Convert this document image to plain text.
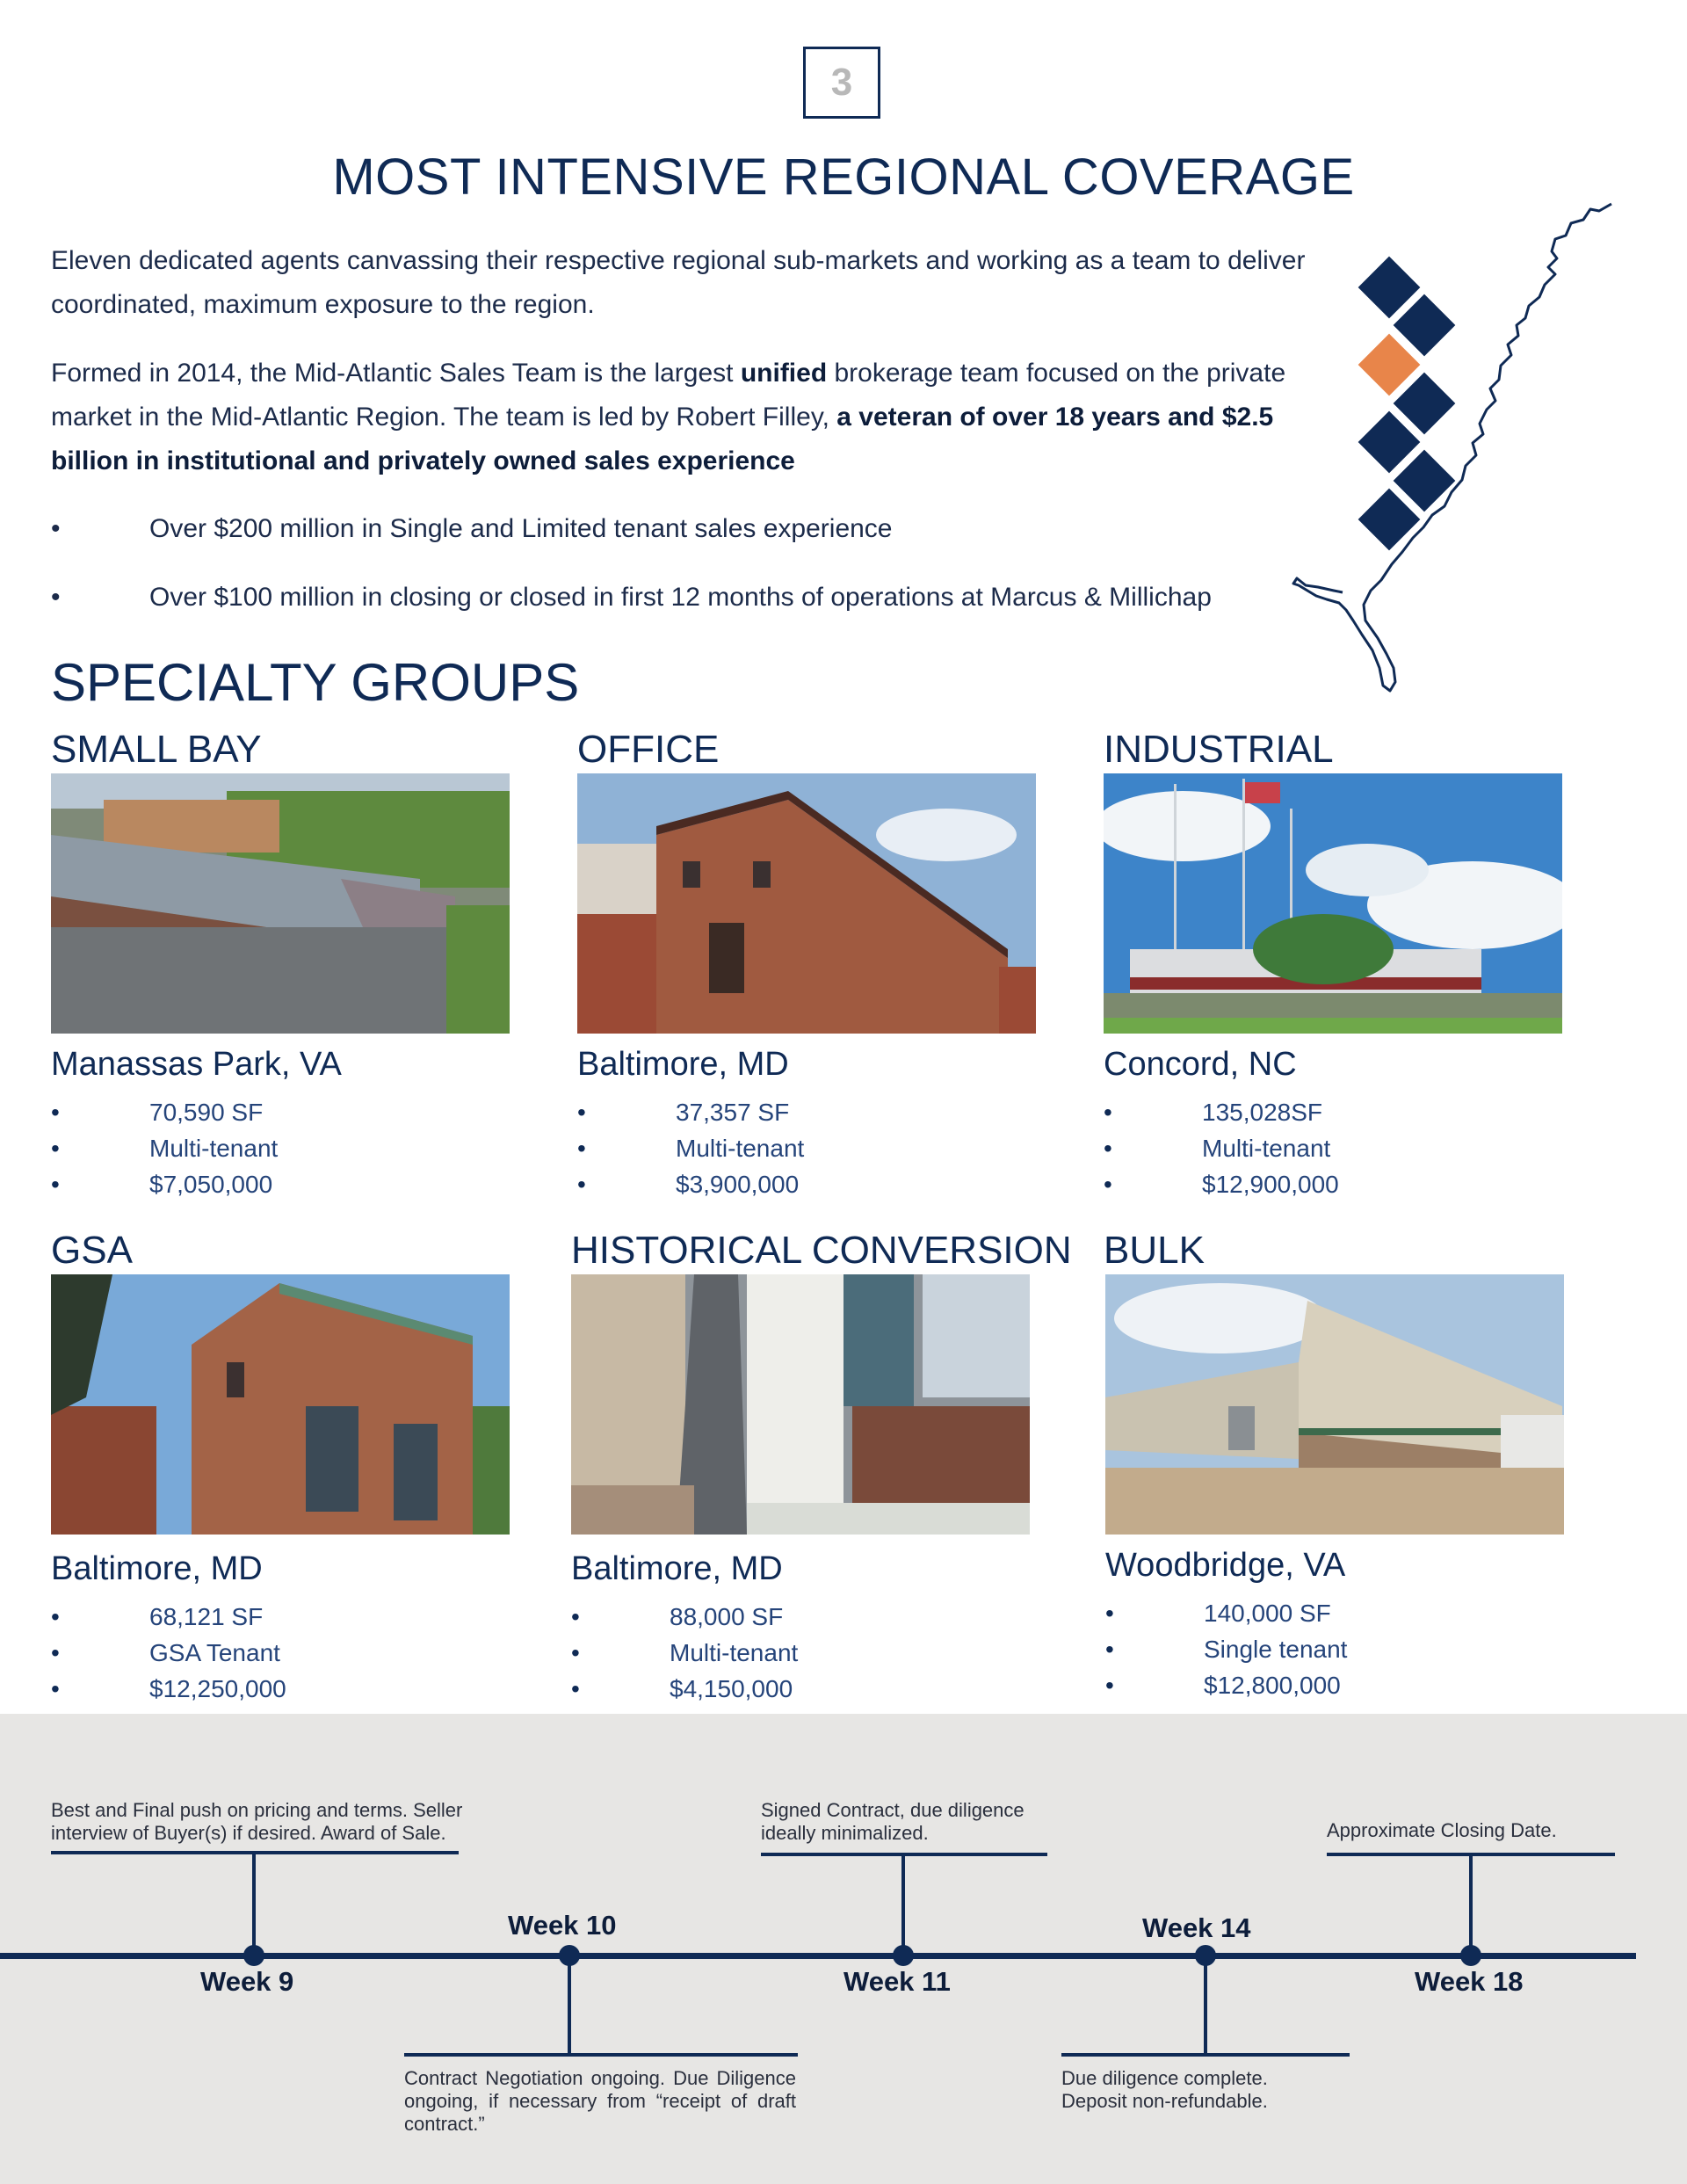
3
MOST INTENSIVE REGIONAL COVERAGE
Eleven dedicated agents canvassing their respective regional sub-markets and working as a team to deliver coordinated, maximum exposure to the region.
Formed in 2014, the Mid-Atlantic Sales Team is the largest unified brokerage team focused on the private market in the Mid-Atlantic Region. The team is led by Robert Filley, a veteran of over 18 years and $2.5 billion in institutional and privately owned sales experience
•	Over $200 million in Single and Limited tenant sales experience
•	Over $100 million in closing or closed in first 12 months of operations at Marcus & Millichap
SPECIALTY GROUPS
SMALL BAY
Manassas Park, VA
•	70,590 SF
•	Multi-tenant
•	$7,050,000
OFFICE
Baltimore, MD
•	37,357 SF
•	Multi-tenant
•	$3,900,000
INDUSTRIAL
Concord, NC
•	135,028SF
•	Multi-tenant
•	$12,900,000
GSA
Baltimore, MD
•	68,121 SF
•	GSA Tenant
•	$12,250,000
HISTORICAL CONVERSION
Baltimore, MD
•	88,000 SF
•	Multi-tenant
•	$4,150,000
BULK
Woodbridge, VA
•	140,000 SF
•	Single tenant
•	$12,800,000
Best and Final push on pricing and terms. Seller interview of Buyer(s) if desired. Award of Sale.
Contract Negotiation ongoing. Due Diligence ongoing, if necessary from “receipt of draft contract.”
Signed Contract, due diligence ideally minimalized.
Due diligence complete. Deposit non-refundable.
Approximate Closing Date.
Week 9
Week 10
Week 11
Week 14
Week 18
